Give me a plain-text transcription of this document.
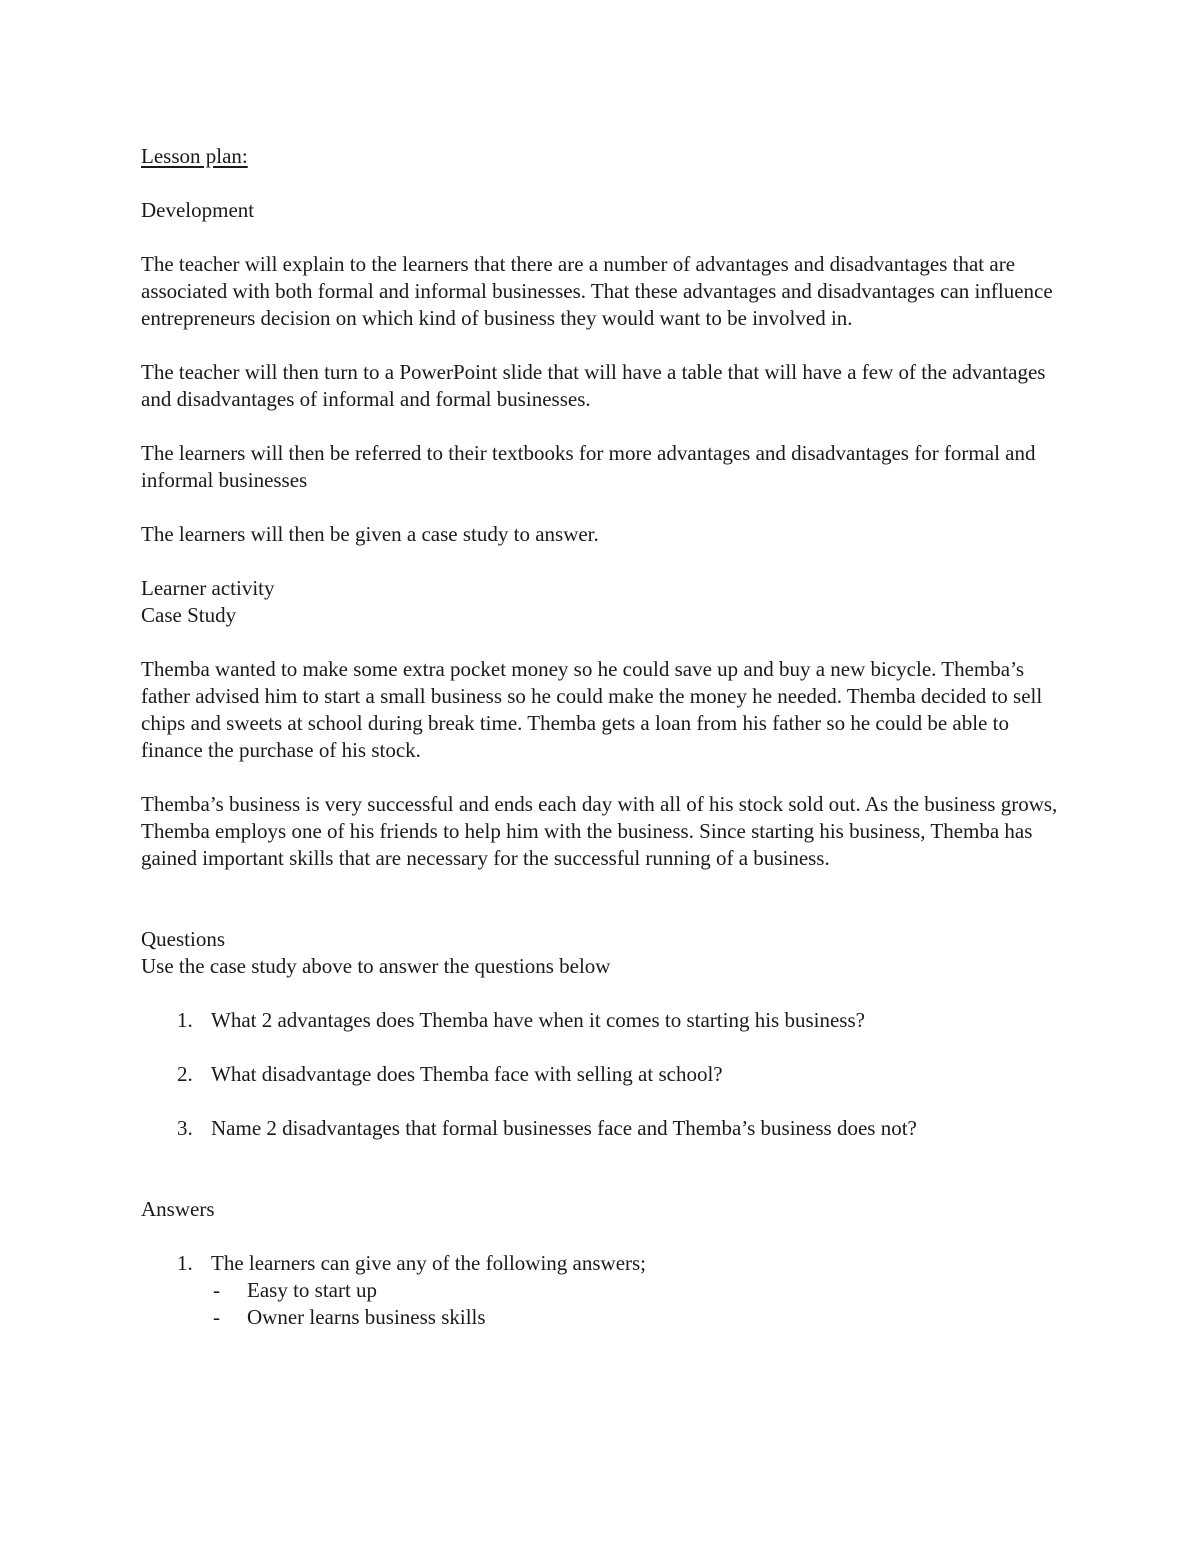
Lesson plan:

Development

The teacher will explain to the learners that there are a number of advantages and disadvantages that are associated with both formal and informal businesses. That these advantages and disadvantages can influence entrepreneurs decision on which kind of business they would want to be involved in.

The teacher will then turn to a PowerPoint slide that will have a table that will have a few of the advantages and disadvantages of informal and formal businesses.

The learners will then be referred to their textbooks for more advantages and disadvantages for formal and informal businesses

The learners will then be given a case study to answer.

Learner activity

Case Study

Themba wanted to make some extra pocket money so he could save up and buy a new bicycle. Themba’s father advised him to start a small business so he could make the money he needed. Themba decided to sell chips and sweets at school during break time. Themba gets a loan from his father so he could be able to finance the purchase of his stock.

Themba’s business is very successful and ends each day with all of his stock sold out. As the business grows, Themba employs one of his friends to help him with the business. Since starting his business, Themba has gained important skills that are necessary for the successful running of a business.

Questions

Use the case study above to answer the questions below

1. What 2 advantages does Themba have when it comes to starting his business?
2. What disadvantage does Themba face with selling at school?
3. Name 2 disadvantages that formal businesses face and Themba’s business does not?

Answers

1. The learners can give any of the following answers;
- Easy to start up
- Owner learns business skills
